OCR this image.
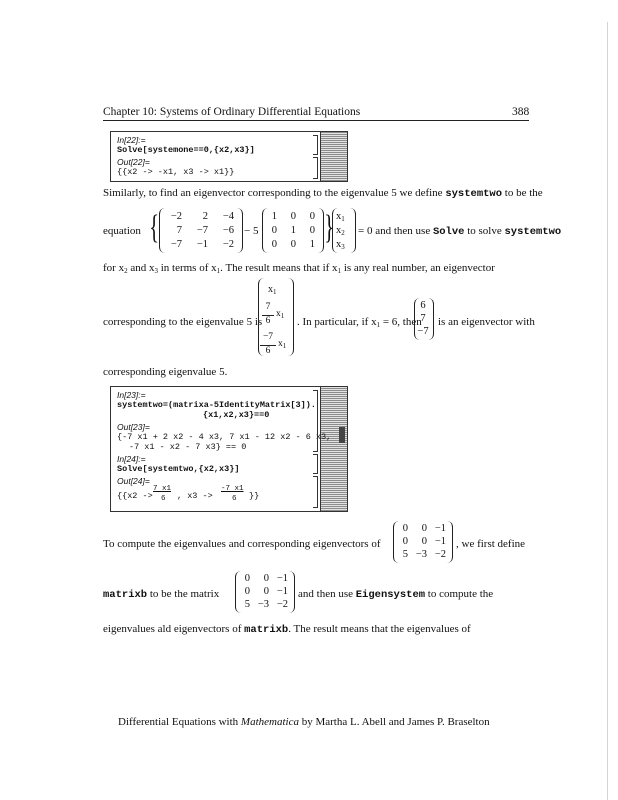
Chapter 10: Systems of Ordinary Differential Equations	388
In[22]:=
Solve[systemone==0,{x2,x3}]
Out[22]=
{{x2 -> -x1, x3 -> x1}}
Similarly, to find an eigenvector corresponding to the eigenvalue 5 we define systemtwo to be the
equation {	−2	2	−4
7	−7	−6
−7	−1	−2
− 5
1	0	0
0	1	0
0	0	1 } $x_1$
$x_2$
$x_3$
= 0 and then use Solve to solve systemtwo
for $x_2$ and $x_3$ in terms of $x_1$. The result means that if $x_1$ is any real number, an eigenvector
corresponding to the eigenvalue 5 is
$x_1$
7
6
$x_1$
−7
6
$x_1$
. In particular, if $x_1 = 6$, then
6
7
−7
is an eigenvector with
corresponding eigenvalue 5.
In[23]:=
systemtwo=(matrixa-5IdentityMatrix[3]).
{x1,x2,x3}==0
Out[23]=
{-7 x1 + 2 x2 - 4 x3, 7 x1 - 12 x2 - 6 x3,
-7 x1 - x2 - 7 x3} == 0
In[24]:=
Solve[systemtwo,{x2,x3}]
Out[24]=
{{x2 ->
7 x1
6 , x3 ->
-7 x1
6 }}
To compute the eigenvalues and corresponding eigenvectors of
0	0 −1
0	0 −1
5 −3 −2
, we first define
matrixb to be the matrix
0	0 −1
0	0 −1
5 −3 −2
and then use Eigensystem to compute the
eigenvalues ald eigenvectors of matrixb. The result means that the eigenvalues of
Differential Equations with Mathematica by Martha L. Abell and James P. Braselton
